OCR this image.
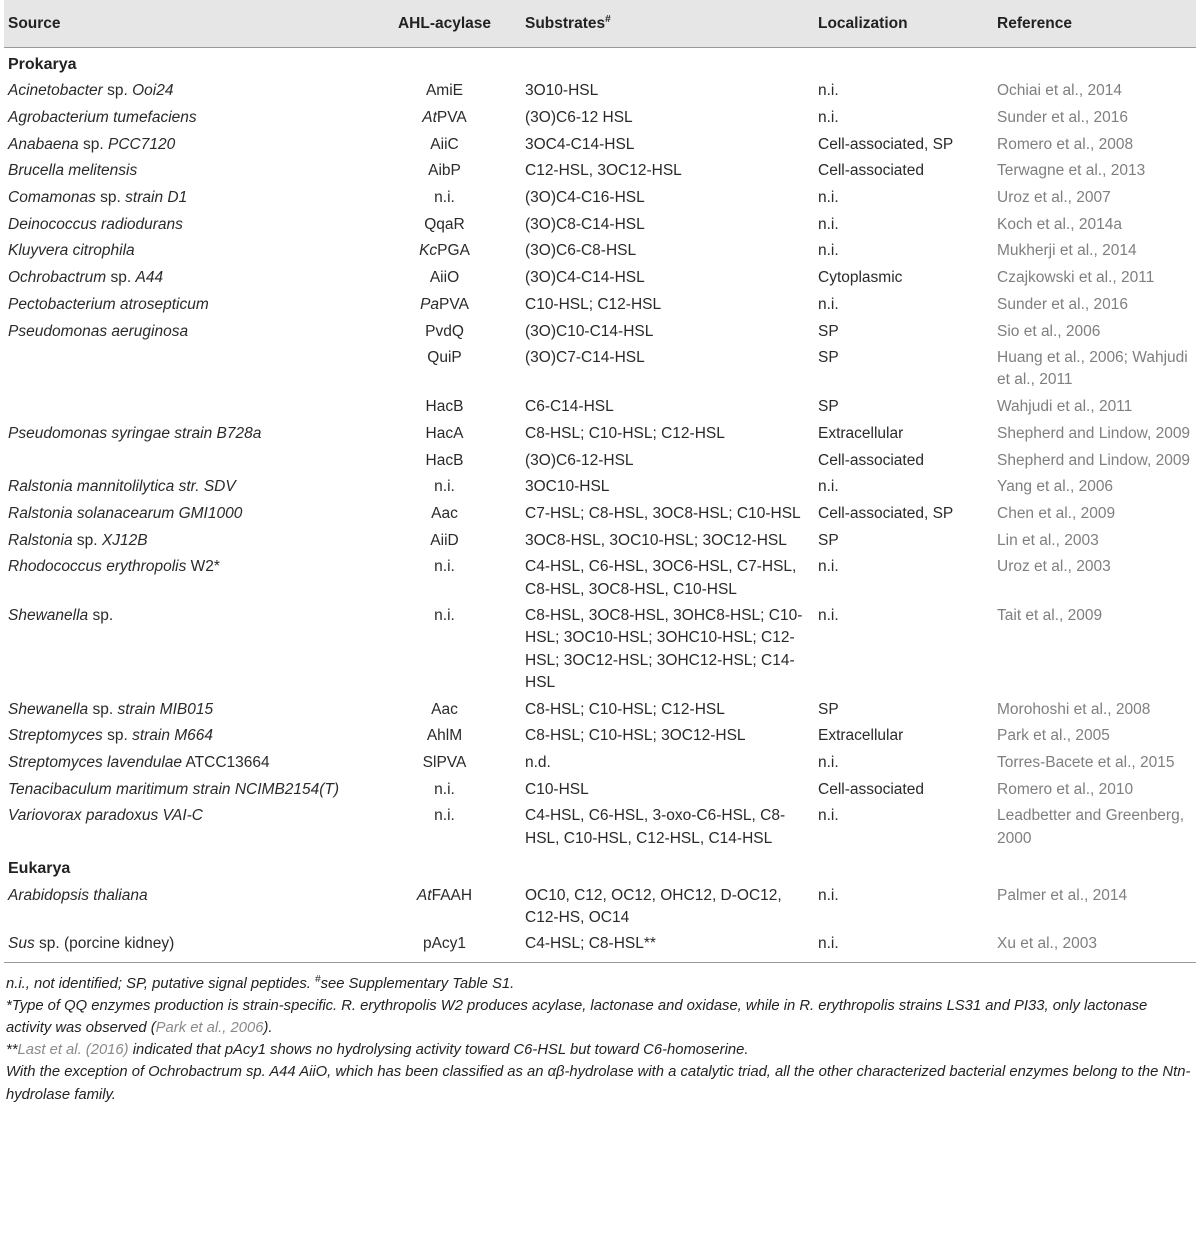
Source	AHL-acylase	Substrates#	Localization	Reference
Prokarya				
Acinetobacter sp. Ooi24	AmiE	3O10-HSL	n.i.	Ochiai et al., 2014
Agrobacterium tumefaciens	AtPVA	(3O)C6-12 HSL	n.i.	Sunder et al., 2016
Anabaena sp. PCC7120	AiiC	3OC4-C14-HSL	Cell-associated, SP	Romero et al., 2008
Brucella melitensis	AibP	C12-HSL, 3OC12-HSL	Cell-associated	Terwagne et al., 2013
Comamonas sp. strain D1	n.i.	(3O)C4-C16-HSL	n.i.	Uroz et al., 2007
Deinococcus radiodurans	QqaR	(3O)C8-C14-HSL	n.i.	Koch et al., 2014a
Kluyvera citrophila	KcPGA	(3O)C6-C8-HSL	n.i.	Mukherji et al., 2014
Ochrobactrum sp. A44	AiiO	(3O)C4-C14-HSL	Cytoplasmic	Czajkowski et al., 2011
Pectobacterium atrosepticum	PaPVA	C10-HSL; C12-HSL	n.i.	Sunder et al., 2016
Pseudomonas aeruginosa	PvdQ	(3O)C10-C14-HSL	SP	Sio et al., 2006
	QuiP	(3O)C7-C14-HSL	SP	Huang et al., 2006; Wahjudi et al., 2011
	HacB	C6-C14-HSL	SP	Wahjudi et al., 2011
Pseudomonas syringae strain B728a	HacA	C8-HSL; C10-HSL; C12-HSL	Extracellular	Shepherd and Lindow, 2009
	HacB	(3O)C6-12-HSL	Cell-associated	Shepherd and Lindow, 2009
Ralstonia mannitolilytica str. SDV	n.i.	3OC10-HSL	n.i.	Yang et al., 2006
Ralstonia solanacearum GMI1000	Aac	C7-HSL; C8-HSL, 3OC8-HSL; C10-HSL	Cell-associated, SP	Chen et al., 2009
Ralstonia sp. XJ12B	AiiD	3OC8-HSL, 3OC10-HSL; 3OC12-HSL	SP	Lin et al., 2003
Rhodococcus erythropolis W2*	n.i.	C4-HSL, C6-HSL, 3OC6-HSL, C7-HSL, C8-HSL, 3OC8-HSL, C10-HSL	n.i.	Uroz et al., 2003
Shewanella sp.	n.i.	C8-HSL, 3OC8-HSL, 3OHC8-HSL; C10-HSL; 3OC10-HSL; 3OHC10-HSL; C12-HSL; 3OC12-HSL; 3OHC12-HSL; C14-HSL	n.i.	Tait et al., 2009
Shewanella sp. strain MIB015	Aac	C8-HSL; C10-HSL; C12-HSL	SP	Morohoshi et al., 2008
Streptomyces sp. strain M664	AhlM	C8-HSL; C10-HSL; 3OC12-HSL	Extracellular	Park et al., 2005
Streptomyces lavendulae ATCC13664	SlPVA	n.d.	n.i.	Torres-Bacete et al., 2015
Tenacibaculum maritimum strain NCIMB2154(T)	n.i.	C10-HSL	Cell-associated	Romero et al., 2010
Variovorax paradoxus VAI-C	n.i.	C4-HSL, C6-HSL, 3-oxo-C6-HSL, C8-HSL, C10-HSL, C12-HSL, C14-HSL	n.i.	Leadbetter and Greenberg, 2000
Eukarya				
Arabidopsis thaliana	AtFAAH	OC10, C12, OC12, OHC12, D-OC12, C12-HS, OC14	n.i.	Palmer et al., 2014
Sus sp. (porcine kidney)	pAcy1	C4-HSL; C8-HSL**	n.i.	Xu et al., 2003

n.i., not identified; SP, putative signal peptides. #see Supplementary Table S1.

*Type of QQ enzymes production is strain-specific. R. erythropolis W2 produces acylase, lactonase and oxidase, while in R. erythropolis strains LS31 and PI33, only lactonase activity was observed (Park et al., 2006).

**Last et al. (2016) indicated that pAcy1 shows no hydrolysing activity toward C6-HSL but toward C6-homoserine.

With the exception of Ochrobactrum sp. A44 AiiO, which has been classified as an αβ-hydrolase with a catalytic triad, all the other characterized bacterial enzymes belong to the Ntn-hydrolase family.
